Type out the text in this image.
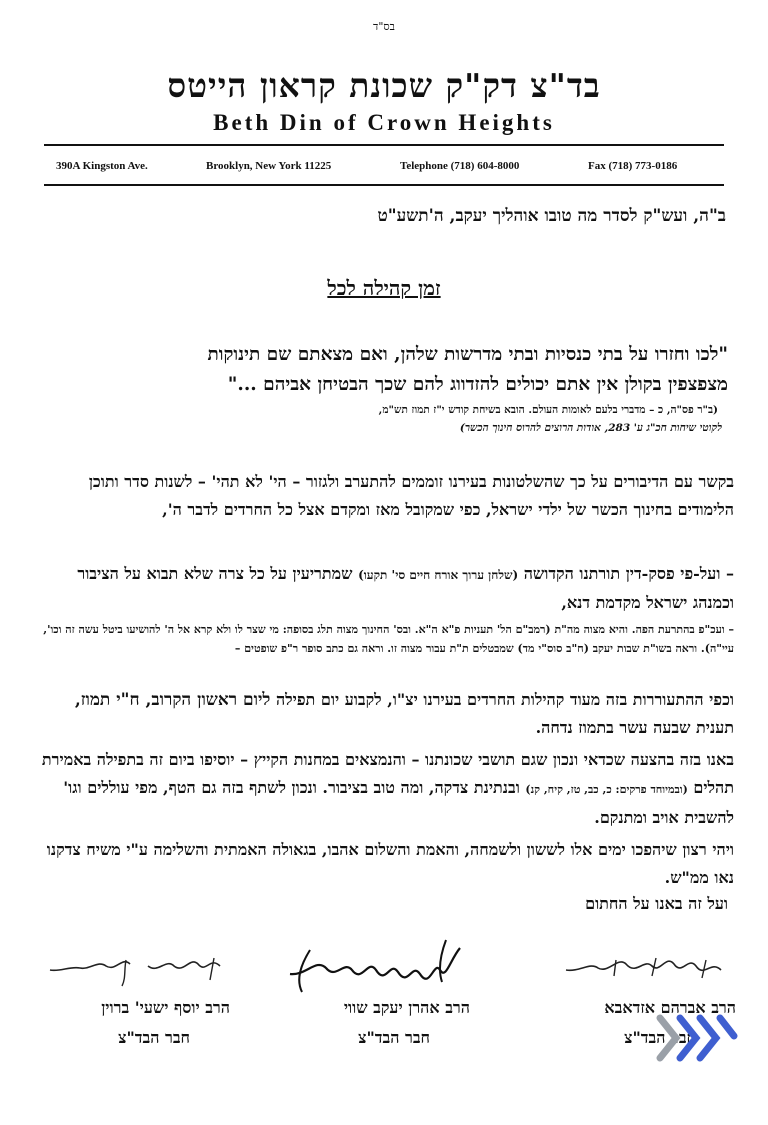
בס"ד
בד"צ דק"ק שכונת קראון הייטס
Beth Din of Crown Heights
390A Kingston Ave.	Brooklyn, New York 11225	Telephone (718) 604-8000	Fax (718) 773-0186
ב"ה, ועש"ק לסדר מה טובו אוהליך יעקב, ה'תשע"ט
זמן קהילה לכל
"לכו וחזרו על בתי כנסיות ובתי מדרשות שלהן, ואם מצאתם שם תינוקות
מצפצפין בקולן אין אתם יכולים להזדווג להם שכך הבטיחן אביהם ..."
(ב"ר פס"ה, כ – מדברי בלעם לאומות העולם. הובא בשיחת קודש י"ז תמוז תש"מ,
לקוטי שיחות חכ"ג ע' 283, אודות הרוצים להרוס חינוך הכשר)
בקשר עם הדיבורים על כך שהשלטונות בעירנו זוממים להתערב ולגזור – הי' לא תהי' – לשנות סדר ותוכן הלימודים בחינוך הכשר של ילדי ישראל, כפי שמקובל מאז ומקדם אצל כל החרדים לדבר ה',
– ועל-פי פסק-דין תורתנו הקדושה (שלחן ערוך אורח חיים סי' תקעו) שמתריעין על כל צרה שלא תבוא על הציבור וכמנהג ישראל מקדמת דנא,
– ועכ"פ בהתרעת הפה. והיא מצוה מה"ת (רמב"ם הל' תעניות פ"א ה"א. ובס' החינוך מצוה תלג בסופה: מי שצר לו ולא קרא אל ה' להושיעו ביטל עשה זה וכו', עיי"ה). וראה בשו"ת שבות יעקב (ח"ב סוס"י מד) שמבטלים ת"ת עבור מצוה זו. וראה גם כתב סופר ר"פ שופטים –
וכפי ההתעוררות בזה מעוד קהילות החרדים בעירנו יצ"ו, לקבוע יום תפילה ליום ראשון הקרוב, ח"י תמוז, תענית שבעה עשר בתמוז נדחה.
באנו בזה בהצעה שכדאי ונכון שגם תושבי שכונתנו – והנמצאים במחנות הקייץ – יוסיפו ביום זה בתפילה באמירת תהלים (ובמיוחד פרקים: כ, כב, טז, קיח, קנ) ובנתינת צדקה, ומה טוב בציבור. ונכון לשתף בזה גם הטף, מפי עוללים וגו' להשבית אויב ומתנקם.
ויהי רצון שיהפכו ימים אלו לששון ולשמחה, והאמת והשלום אהבו, בגאולה האמתית והשלימה ע"י משיח צדקנו נאו ממ"ש.
ועל זה באנו על החתום
הרב אברהם אזדאבא
חבר הבד"צ
הרב אהרן יעקב שווי
חבר הבד"צ
הרב יוסף ישעי' ברוין
חבר הבד"צ
